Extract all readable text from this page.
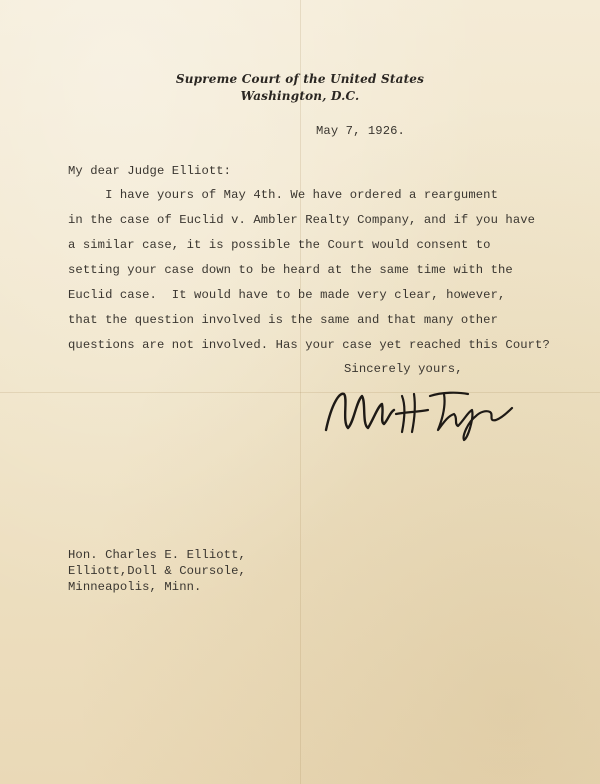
Supreme Court of the United States
Washington, D.C.
May 7, 1926.
My dear Judge Elliott:
I have yours of May 4th. We have ordered a reargument
in the case of Euclid v. Ambler Realty Company, and if you have
a similar case, it is possible the Court would consent to
setting your case down to be heard at the same time with the
Euclid case.  It would have to be made very clear, however,
that the question involved is the same and that many other
questions are not involved. Has your case yet reached this Court?
Sincerely yours,
Hon. Charles E. Elliott,
Elliott,Doll & Coursole,
Minneapolis, Minn.
